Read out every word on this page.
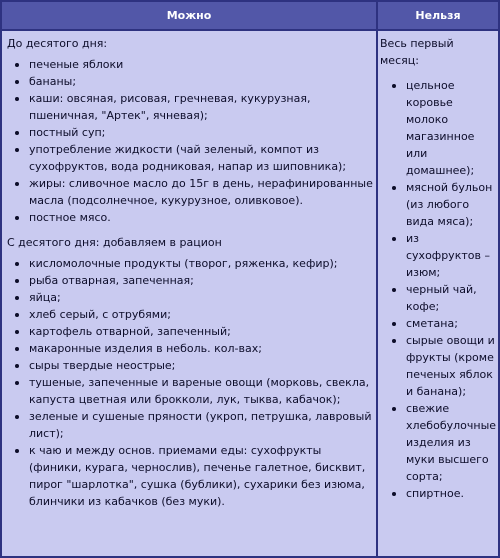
Можно	Нельзя
До десятого дня:
печеные яблоки
бананы;
каши: овсяная, рисовая, гречневая, кукурузная, пшеничная, "Артек", ячневая);
постный суп;
употребление жидкости (чай зеленый, компот из сухофруктов, вода родниковая, напар из шиповника);
жиры: сливочное масло до 15г в день, нерафинированные масла (подсолнечное, кукурузное, оливковое).
постное мясо.
С десятого дня: добавляем в рацион
кисломолочные продукты (творог, ряженка, кефир);
рыба отварная, запеченная;
яйца;
хлеб серый, с отрубями;
картофель отварной, запеченный;
макаронные изделия в неболь. кол-вах;
сыры твердые неострые;
тушеные, запеченные и вареные овощи (морковь, свекла, капуста цветная или брокколи, лук, тыква, кабачок);
зеленые и сушеные пряности (укроп, петрушка, лавровый лист);
к чаю и между основ. приемами еды: сухофрукты (финики, курага, чернослив), печенье галетное, бисквит, пирог "шарлотка", сушка (бублики), сухарики без изюма, блинчики из кабачков (без муки).
Весь первый месяц:
цельное коровье молоко магазинное или домашнее);
мясной бульон (из любого вида мяса);
из сухофруктов – изюм;
черный чай, кофе;
сметана;
сырые овощи и фрукты (кроме печеных яблок и банана);
свежие хлебобулочные изделия из муки высшего сорта;
спиртное.
